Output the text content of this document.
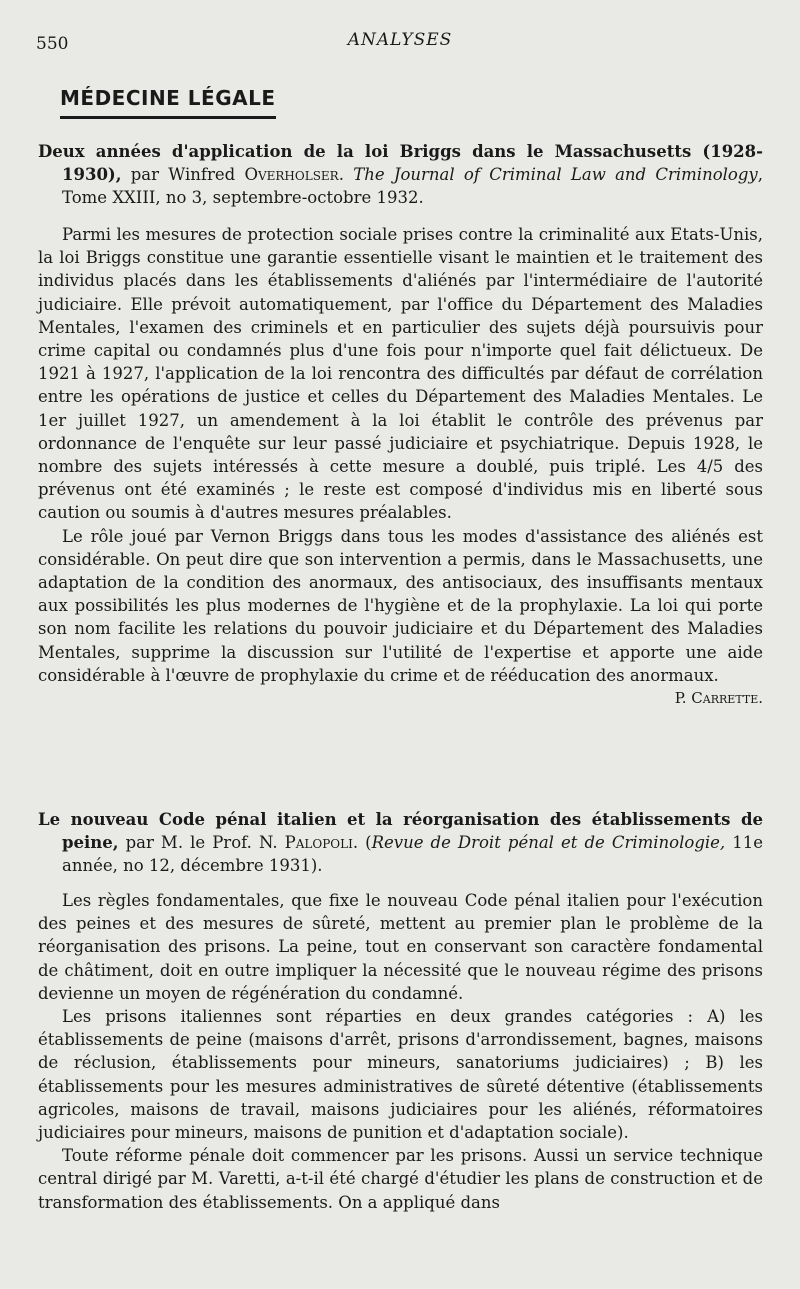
550	ANALYSES
MÉDECINE LÉGALE

Deux années d'application de la loi Briggs dans le Massachusetts (1928-1930), par Winfred Overholser. The Journal of Criminal Law and Criminology, Tome XXIII, no 3, septembre-octobre 1932.

Parmi les mesures de protection sociale prises contre la criminalité aux Etats-Unis, la loi Briggs constitue une garantie essentielle visant le maintien et le traitement des individus placés dans les établissements d'aliénés par l'intermédiaire de l'autorité judiciaire. Elle prévoit automatiquement, par l'office du Département des Maladies Mentales, l'examen des criminels et en particulier des sujets déjà poursuivis pour crime capital ou condamnés plus d'une fois pour n'importe quel fait délictueux. De 1921 à 1927, l'application de la loi rencontra des difficultés par défaut de corrélation entre les opérations de justice et celles du Département des Maladies Mentales. Le 1er juillet 1927, un amendement à la loi établit le contrôle des prévenus par ordonnance de l'enquête sur leur passé judiciaire et psychiatrique. Depuis 1928, le nombre des sujets intéressés à cette mesure a doublé, puis triplé. Les 4/5 des prévenus ont été examinés ; le reste est composé d'individus mis en liberté sous caution ou soumis à d'autres mesures préalables.

Le rôle joué par Vernon Briggs dans tous les modes d'assistance des aliénés est considérable. On peut dire que son intervention a permis, dans le Massachusetts, une adaptation de la condition des anormaux, des antisociaux, des insuffisants mentaux aux possibilités les plus modernes de l'hygiène et de la prophylaxie. La loi qui porte son nom facilite les relations du pouvoir judiciaire et du Département des Maladies Mentales, supprime la discussion sur l'utilité de l'expertise et apporte une aide considérable à l'œuvre de prophylaxie du crime et de rééducation des anormaux.

P. Carrette.

Le nouveau Code pénal italien et la réorganisation des établissements de peine, par M. le Prof. N. Palopoli. (Revue de Droit pénal et de Criminologie, 11e année, no 12, décembre 1931).

Les règles fondamentales, que fixe le nouveau Code pénal italien pour l'exécution des peines et des mesures de sûreté, mettent au premier plan le problème de la réorganisation des prisons. La peine, tout en conservant son caractère fondamental de châtiment, doit en outre impliquer la nécessité que le nouveau régime des prisons devienne un moyen de régénération du condamné.

Les prisons italiennes sont réparties en deux grandes catégories : A) les établissements de peine (maisons d'arrêt, prisons d'arrondissement, bagnes, maisons de réclusion, établissements pour mineurs, sanatoriums judiciaires) ; B) les établissements pour les mesures administratives de sûreté détentive (établissements agricoles, maisons de travail, maisons judiciaires pour les aliénés, réformatoires judiciaires pour mineurs, maisons de punition et d'adaptation sociale).

Toute réforme pénale doit commencer par les prisons. Aussi un service technique central dirigé par M. Varetti, a-t-il été chargé d'étudier les plans de construction et de transformation des établissements. On a appliqué dans
